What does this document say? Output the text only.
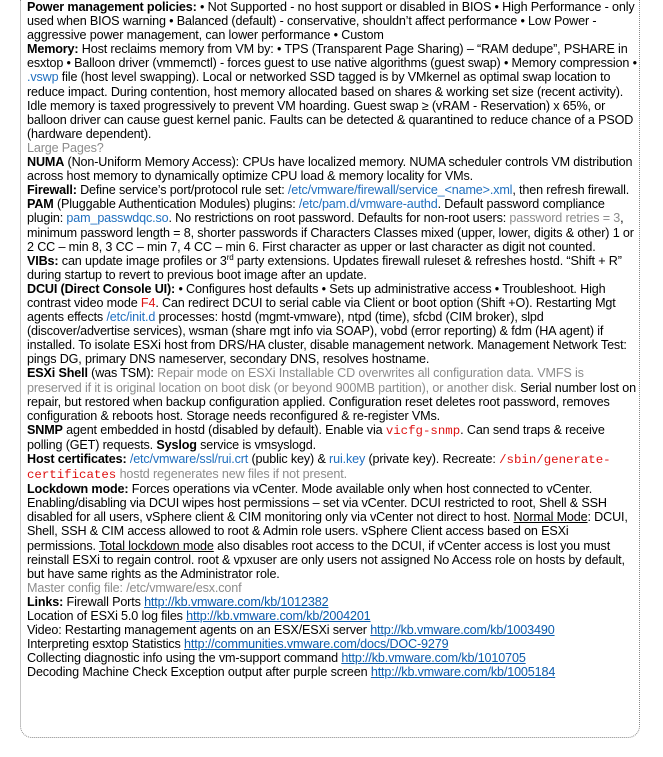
Power management policies: • Not Supported - no host support or disabled in BIOS • High Performance - only used when BIOS warning • Balanced (default) - conservative, shouldn’t affect performance • Low Power - aggressive power management, can lower performance • Custom

Memory: Host reclaims memory from VM by: • TPS (Transparent Page Sharing) – “RAM dedupe”, PSHARE in esxtop • Balloon driver (vmmemctl) - forces guest to use native algorithms (guest swap) • Memory compression • .vswp file (host level swapping). Local or networked SSD tagged is by VMkernel as optimal swap location to reduce impact. During contention, host memory allocated based on shares & working set size (recent activity). Idle memory is taxed progressively to prevent VM hoarding. Guest swap ≥ (vRAM - Reservation) x 65%, or balloon driver can cause guest kernel panic. Faults can be detected & quarantined to reduce chance of a PSOD (hardware dependent).

Large Pages?

NUMA (Non-Uniform Memory Access): CPUs have localized memory. NUMA scheduler controls VM distribution across host memory to dynamically optimize CPU load & memory locality for VMs.

Firewall: Define service’s port/protocol rule set: /etc/vmware/firewall/service_<name>.xml, then refresh firewall.

PAM (Pluggable Authentication Modules) plugins: /etc/pam.d/vmware-authd. Default password compliance plugin: pam_passwdqc.so. No restrictions on root password. Defaults for non-root users: password retries = 3, minimum password length = 8, shorter passwords if Characters Classes mixed (upper, lower, digits & other) 1 or 2 CC – min 8, 3 CC – min 7, 4 CC – min 6. First character as upper or last character as digit not counted.

VIBs: can update image profiles or 3rd party extensions. Updates firewall ruleset & refreshes hostd. “Shift + R” during startup to revert to previous boot image after an update.

DCUI (Direct Console UI): • Configures host defaults • Sets up administrative access • Troubleshoot. High contrast video mode F4. Can redirect DCUI to serial cable via Client or boot option (Shift +O). Restarting Mgt agents effects /etc/init.d processes: hostd (mgmt-vmware), ntpd (time), sfcbd (CIM broker), slpd (discover/advertise services), wsman (share mgt info via SOAP), vobd (error reporting) & fdm (HA agent) if installed. To isolate ESXi host from DRS/HA cluster, disable management network. Management Network Test: pings DG, primary DNS nameserver, secondary DNS, resolves hostname.

ESXi Shell (was TSM): Repair mode on ESXi Installable CD overwrites all configuration data. VMFS is preserved if it is original location on boot disk (or beyond 900MB partition), or another disk. Serial number lost on repair, but restored when backup configuration applied. Configuration reset deletes root password, removes configuration & reboots host. Storage needs reconfigured & re-register VMs.

SNMP agent embedded in hostd (disabled by default). Enable via vicfg-snmp. Can send traps & receive polling (GET) requests. Syslog service is vmsyslogd.

Host certificates: /etc/vmware/ssl/rui.crt (public key) & rui.key (private key). Recreate: /sbin/generate-certificates hostd regenerates new files if not present.

Lockdown mode: Forces operations via vCenter. Mode available only when host connected to vCenter. Enabling/disabling via DCUI wipes host permissions – set via vCenter. DCUI restricted to root, Shell & SSH disabled for all users, vSphere client & CIM monitoring only via vCenter not direct to host. Normal Mode: DCUI, Shell, SSH & CIM access allowed to root & Admin role users. vSphere Client access based on ESXi permissions. Total lockdown mode also disables root access to the DCUI, if vCenter access is lost you must reinstall ESXi to regain control. root & vpxuser are only users not assigned No Access role on hosts by default, but have same rights as the Administrator role.

Master config file: /etc/vmware/esx.conf

Links: Firewall Ports http://kb.vmware.com/kb/1012382

Location of ESXi 5.0 log files http://kb.vmware.com/kb/2004201

Video: Restarting management agents on an ESX/ESXi server http://kb.vmware.com/kb/1003490

Interpreting esxtop Statistics http://communities.vmware.com/docs/DOC-9279

Collecting diagnostic info using the vm-support command http://kb.vmware.com/kb/1010705

Decoding Machine Check Exception output after purple screen http://kb.vmware.com/kb/1005184
